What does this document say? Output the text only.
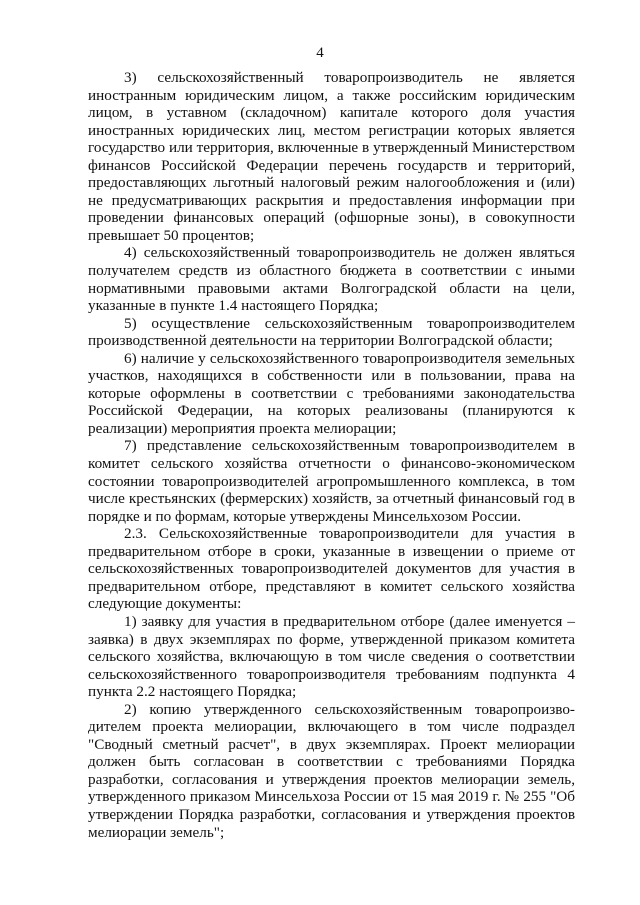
4

3) сельскохозяйственный товаропроизводитель не является иностранным юридическим лицом, а также российским юридическим лицом, в уставном (складочном) капитале которого доля участия иностранных юридических лиц, местом регистрации которых является государство или территория, включенные в утвержденный Министерством финансов Российской Федерации перечень государств и территорий, предоставляющих льготный налоговый режим налогообложения и (или) не предусматривающих раскрытия и предоставления информации при проведении финансовых операций (офшорные зоны), в совокупности превышает 50 процентов;

4) сельскохозяйственный товаропроизводитель не должен являться получателем средств из областного бюджета в соответствии с иными нормативными правовыми актами Волгоградской области на цели, указанные в пункте 1.4 настоящего Порядка;

5) осуществление сельскохозяйственным товаропроизводителем производственной деятельности на территории Волгоградской области;

6) наличие у сельскохозяйственного товаропроизводителя земельных участков, находящихся в собственности или в пользовании, права на которые оформлены в соответствии с требованиями законодательства Российской Федерации, на которых реализованы (планируются к реализации) мероприятия проекта мелиорации;

7) представление сельскохозяйственным товаропроизводителем в комитет сельского хозяйства отчетности о финансово-экономическом состоянии товаропроизводителей агропромышленного комплекса, в том числе крестьянских (фермерских) хозяйств, за отчетный финансовый год в порядке и по формам, которые утверждены Минсельхозом России.

2.3. Сельскохозяйственные товаропроизводители для участия в предварительном отборе в сроки, указанные в извещении о приеме от сельскохозяйственных товаропроизводителей документов для участия в предварительном отборе, представляют в комитет сельского хозяйства следующие документы:

1) заявку для участия в предварительном отборе (далее именуется – заявка) в двух экземплярах по форме, утвержденной приказом комитета сельского хозяйства, включающую в том числе сведения о соответствии сельскохозяйственного товаропроизводителя требованиям подпункта 4 пункта 2.2 настоящего Порядка;

2) копию утвержденного сельскохозяйственным товаропроизво-дителем проекта мелиорации, включающего в том числе подраздел "Сводный сметный расчет", в двух экземплярах. Проект мелиорации должен быть согласован в соответствии с требованиями Порядка разработки, согласования и утверждения проектов мелиорации земель, утвержденного приказом Минсельхоза России от 15 мая 2019 г. № 255 "Об утверждении Порядка разработки, согласования и утверждения проектов мелиорации земель";
